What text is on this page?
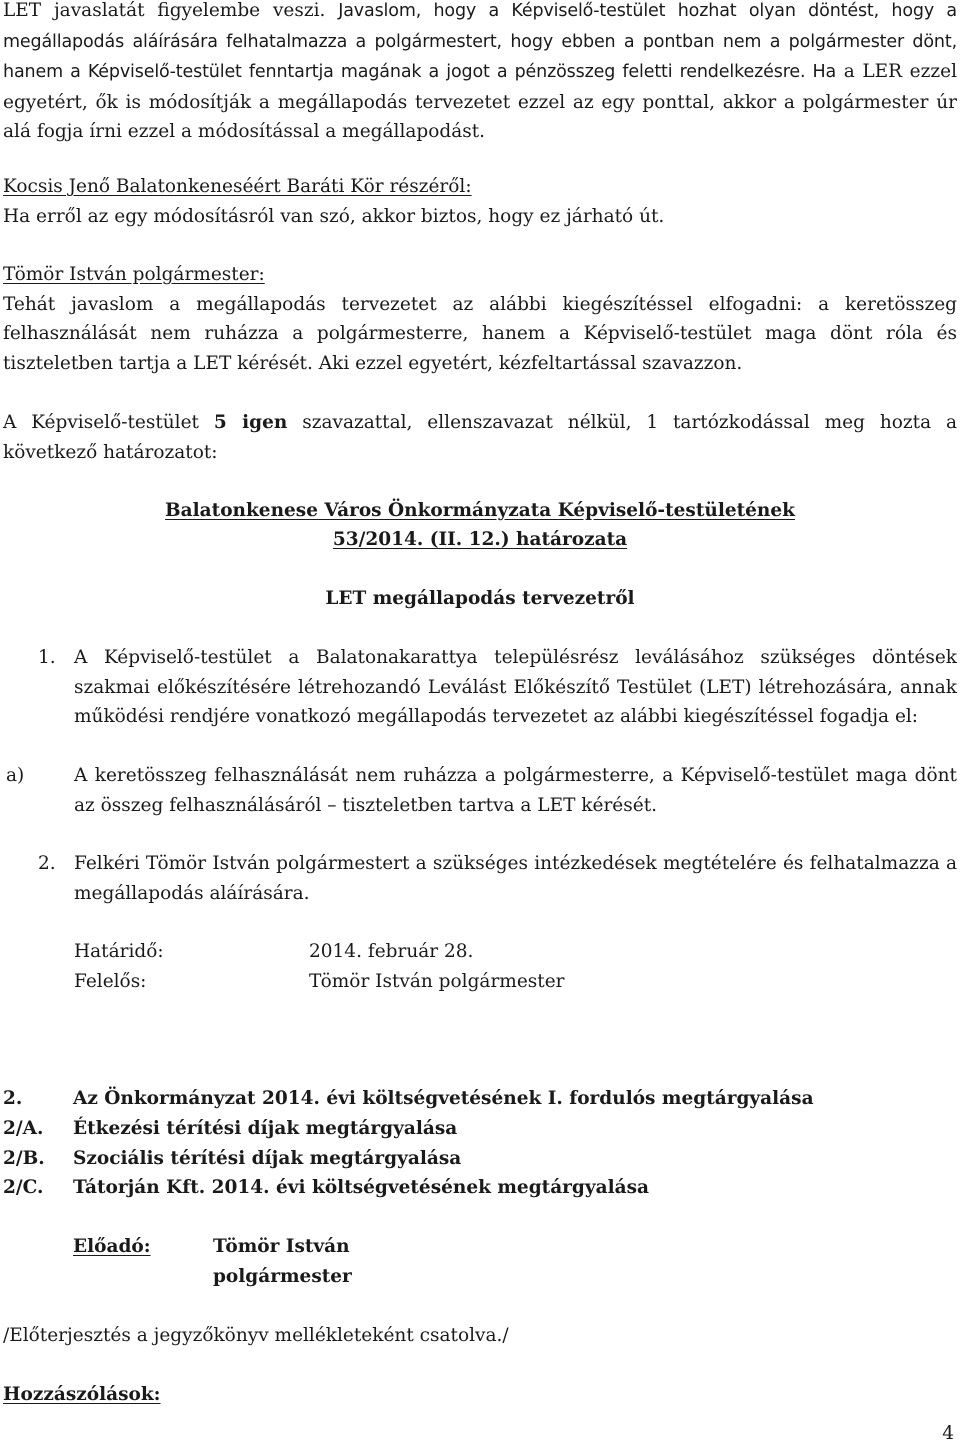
LET javaslatát figyelembe veszi. Javaslom, hogy a Képviselő-testület hozhat olyan döntést, hogy a megállapodás aláírására felhatalmazza a polgármestert, hogy ebben a pontban nem a polgármester dönt, hanem a Képviselő-testület fenntartja magának a jogot a pénzösszeg feletti rendelkezésre. Ha a LER ezzel egyetért, ők is módosítják a megállapodás tervezetet ezzel az egy ponttal, akkor a polgármester úr alá fogja írni ezzel a módosítással a megállapodást.

Kocsis Jenő Balatonkeneséért Baráti Kör részéről:
Ha erről az egy módosításról van szó, akkor biztos, hogy ez járható út.

Tömör István polgármester:
Tehát javaslom a megállapodás tervezetet az alábbi kiegészítéssel elfogadni: a keretösszeg felhasználását nem ruházza a polgármesterre, hanem a Képviselő-testület maga dönt róla és tiszteletben tartja a LET kérését. Aki ezzel egyetért, kézfeltartással szavazzon.

A Képviselő-testület 5 igen szavazattal, ellenszavazat nélkül, 1 tartózkodással meg hozta a következő határozatot:

Balatonkenese Város Önkormányzata Képviselő-testületének

53/2014. (II. 12.) határozata

LET megállapodás tervezetről

1. A Képviselő-testület a Balatonakarattya településrész leválásához szükséges döntések szakmai előkészítésére létrehozandó Leválást Előkészítő Testület (LET) létrehozására, annak működési rendjére vonatkozó megállapodás tervezetet az alábbi kiegészítéssel fogadja el:
a)	A keretösszeg felhasználását nem ruházza a polgármesterre, a Képviselő-testület maga dönt az összeg felhasználásáról – tiszteletben tartva a LET kérését.
2. Felkéri Tömör István polgármestert a szükséges intézkedések megtételére és felhatalmazza a megállapodás aláírására.
Határidő:	2014. február 28.
Felelős:	Tömör István polgármester
2.	Az Önkormányzat 2014. évi költségvetésének I. fordulós megtárgyalása
2/A. Étkezési térítési díjak megtárgyalása
2/B. Szociális térítési díjak megtárgyalása
2/C. Tátorján Kft. 2014. évi költségvetésének megtárgyalása
Előadó:	Tömör István
polgármester
/Előterjesztés a jegyzőkönyv mellékleteként csatolva./
Hozzászólások:
4
